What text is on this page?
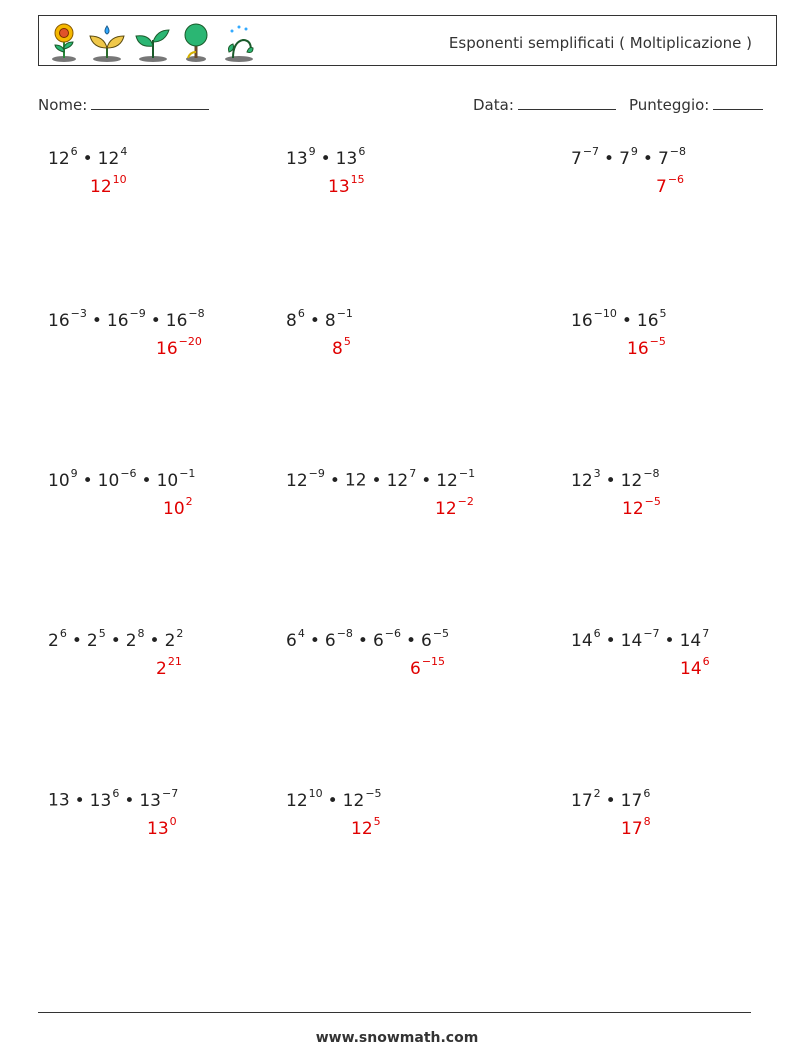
Esponenti semplificati ( Moltiplicazione )
Nome:	Data:	Punteggio:
$12^6$ • $12^4$
$12^{10}$
$13^9$ • $13^6$
$13^{15}$
$7^{-7}$ • $7^9$ • $7^{-8}$
$7^{-6}$
$16^{-3}$ • $16^{-9}$ • $16^{-8}$
$16^{-20}$
$8^6$ • $8^{-1}$
$8^5$
$16^{-10}$ • $16^5$
$16^{-5}$
$10^9$ • $10^{-6}$ • $10^{-1}$
$10^2$
$12^{-9}$ • 12 • $12^7$ • $12^{-1}$
$12^{-2}$
$12^3$ • $12^{-8}$
$12^{-5}$
$2^6$ • $2^5$ • $2^8$ • $2^2$
$2^{21}$
$6^4$ • $6^{-8}$ • $6^{-6}$ • $6^{-5}$
$6^{-15}$
$14^6$ • $14^{-7}$ • $14^7$
$14^6$
13 • $13^6$ • $13^{-7}$
$13^0$
$12^{10}$ • $12^{-5}$
$12^5$
$17^2$ • $17^6$
$17^8$
www.snowmath.com
